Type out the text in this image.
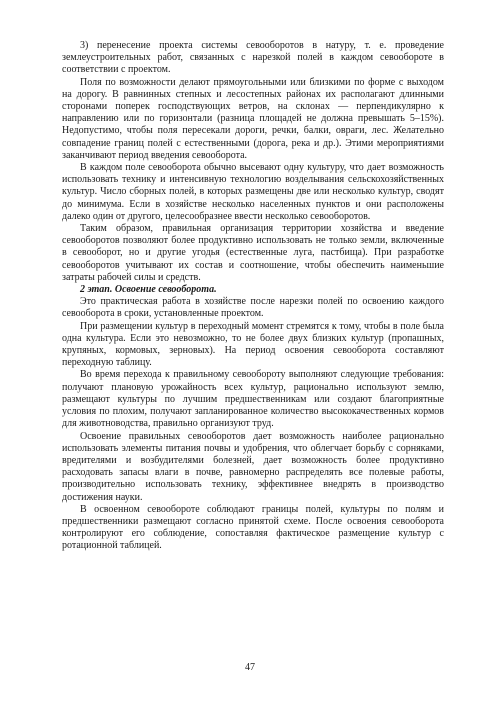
3) перенесение проекта системы севооборотов в натуру, т. е. проведение землеустроительных работ, связанных с нарезкой полей в каждом севообороте в соответствии с проектом.

Поля по возможности делают прямоугольными или близкими по форме с выходом на дорогу. В равнинных степных и лесостепных районах их располагают длинными сторонами поперек господствующих ветров, на склонах — перпендикулярно к направлению или по горизонтали (разница площадей не должна превышать 5–15%). Недопустимо, чтобы поля пересекали дороги, речки, балки, овраги, лес. Желательно совпадение границ полей с естественными (дорога, река и др.). Этими мероприятиями заканчивают период введения севооборота.

В каждом поле севооборота обычно высевают одну культуру, что дает возможность использовать технику и интенсивную технологию возделывания сельскохозяйственных культур. Число сборных полей, в которых размещены две или несколько культур, сводят до минимума. Если в хозяйстве несколько населенных пунктов и они расположены далеко один от другого, целесообразнее ввести несколько севооборотов.

Таким образом, правильная организация территории хозяйства и введение севооборотов позволяют более продуктивно использовать не только земли, включенные в севооборот, но и другие угодья (естественные луга, пастбища). При разработке севооборотов учитывают их состав и соотношение, чтобы обеспечить наименьшие затраты рабочей силы и средств.

2 этап. Освоение севооборота.

Это практическая работа в хозяйстве после нарезки полей по освоению каждого севооборота в сроки, установленные проектом.

При размещении культур в переходный момент стремятся к тому, чтобы в поле была одна культура. Если это невозможно, то не более двух близких культур (пропашных, крупяных, кормовых, зерновых). На период освоения севооборота составляют переходную таблицу.

Во время перехода к правильному севообороту выполняют следующие требования: получают плановую урожайность всех культур, рационально используют землю, размещают культуры по лучшим предшественникам или создают благоприятные условия по плохим, получают запланированное количество высококачественных кормов для животноводства, правильно организуют труд.

Освоение правильных севооборотов дает возможность наиболее рационально использовать элементы питания почвы и удобрения, что облегчает борьбу с сорняками, вредителями и возбудителями болезней, дает возможность более продуктивно расходовать запасы влаги в почве, равномерно распределять все полевые работы, производительно использовать технику, эффективнее внедрять в производство достижения науки.

В освоенном севообороте соблюдают границы полей, культуры по полям и предшественники размещают согласно принятой схеме. После освоения севооборота контролируют его соблюдение, сопоставляя фактическое размещение культур с ротационной таблицей.

47
